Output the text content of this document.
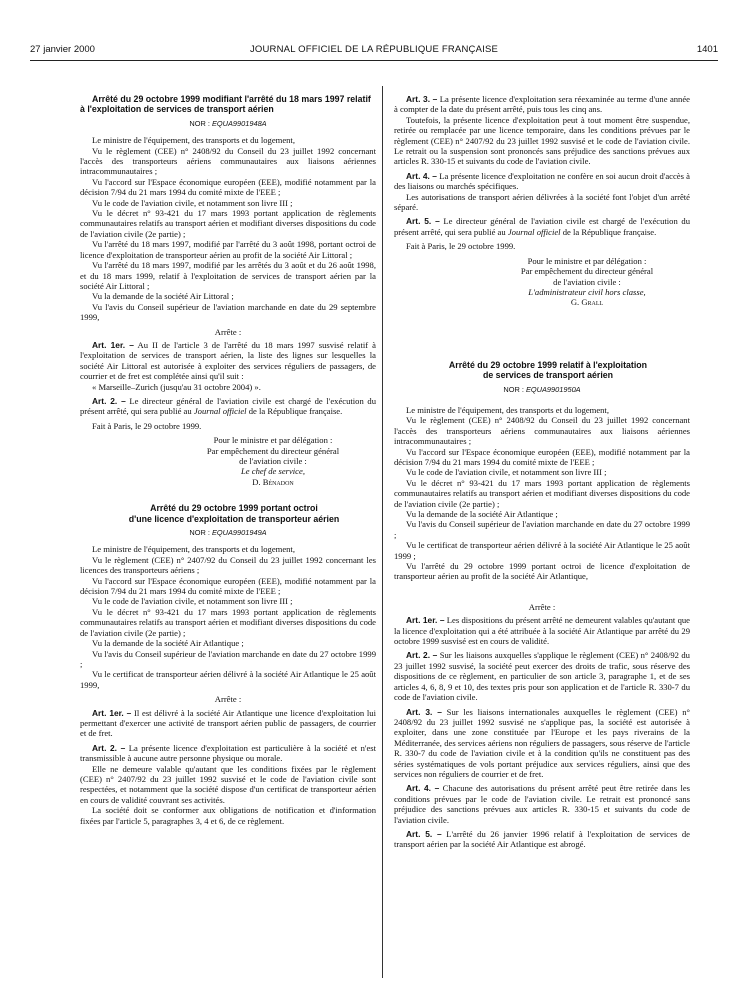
27 janvier 2000	JOURNAL OFFICIEL DE LA RÉPUBLIQUE FRANÇAISE	1401

Arrêté du 29 octobre 1999 modifiant l'arrêté du 18 mars 1997 relatif à l'exploitation de services de transport aérien

NOR : EQUA9901948A

Le ministre de l'équipement, des transports et du logement,

Vu le règlement (CEE) n° 2408/92 du Conseil du 23 juillet 1992 concernant l'accès des transporteurs aériens communautaires aux liaisons aériennes intracommunautaires ;

Vu l'accord sur l'Espace économique européen (EEE), modifié notamment par la décision 7/94 du 21 mars 1994 du comité mixte de l'EEE ;

Vu le code de l'aviation civile, et notamment son livre III ;

Vu le décret n° 93-421 du 17 mars 1993 portant application de règlements communautaires relatifs au transport aérien et modifiant diverses dispositions du code de l'aviation civile (2e partie) ;

Vu l'arrêté du 18 mars 1997, modifié par l'arrêté du 3 août 1998, portant octroi de licence d'exploitation de transporteur aérien au profit de la société Air Littoral ;

Vu l'arrêté du 18 mars 1997, modifié par les arrêtés du 3 août et du 26 août 1998, et du 18 mars 1999, relatif à l'exploitation de services de transport aérien par la société Air Littoral ;

Vu la demande de la société Air Littoral ;

Vu l'avis du Conseil supérieur de l'aviation marchande en date du 29 septembre 1999,

Arrête :

Art. 1er. – Au II de l'article 3 de l'arrêté du 18 mars 1997 susvisé relatif à l'exploitation de services de transport aérien, la liste des lignes sur lesquelles la société Air Littoral est autorisée à exploiter des services réguliers de passagers, de courrier et de fret est complétée ainsi qu'il suit :

« Marseille–Zurich (jusqu'au 31 octobre 2004) ».

Art. 2. – Le directeur général de l'aviation civile est chargé de l'exécution du présent arrêté, qui sera publié au Journal officiel de la République française.

Fait à Paris, le 29 octobre 1999.

Pour le ministre et par délégation :

Par empêchement du directeur général

de l'aviation civile :

Le chef de service,

D. Bénadon

Arrêté du 29 octobre 1999 portant octroi

d'une licence d'exploitation de transporteur aérien

NOR : EQUA9901949A

Le ministre de l'équipement, des transports et du logement,

Vu le règlement (CEE) n° 2407/92 du Conseil du 23 juillet 1992 concernant les licences des transporteurs aériens ;

Vu l'accord sur l'Espace économique européen (EEE), modifié notamment par la décision 7/94 du 21 mars 1994 du comité mixte de l'EEE ;

Vu le code de l'aviation civile, et notamment son livre III ;

Vu le décret n° 93-421 du 17 mars 1993 portant application de règlements communautaires relatifs au transport aérien et modifiant diverses dispositions du code de l'aviation civile (2e partie) ;

Vu la demande de la société Air Atlantique ;

Vu l'avis du Conseil supérieur de l'aviation marchande en date du 27 octobre 1999 ;

Vu le certificat de transporteur aérien délivré à la société Air Atlantique le 25 août 1999,

Arrête :

Art. 1er. – Il est délivré à la société Air Atlantique une licence d'exploitation lui permettant d'exercer une activité de transport aérien public de passagers, de courrier et de fret.

Art. 2. – La présente licence d'exploitation est particulière à la société et n'est transmissible à aucune autre personne physique ou morale.

Elle ne demeure valable qu'autant que les conditions fixées par le règlement (CEE) n° 2407/92 du 23 juillet 1992 susvisé et le code de l'aviation civile sont respectées, et notamment que la société dispose d'un certificat de transporteur aérien en cours de validité couvrant ses activités.

La société doit se conformer aux obligations de notification et d'information fixées par l'article 5, paragraphes 3, 4 et 6, de ce règlement.

Art. 3. – La présente licence d'exploitation sera réexaminée au terme d'une année à compter de la date du présent arrêté, puis tous les cinq ans.

Toutefois, la présente licence d'exploitation peut à tout moment être suspendue, retirée ou remplacée par une licence temporaire, dans les conditions prévues par le règlement (CEE) n° 2407/92 du 23 juillet 1992 susvisé et le code de l'aviation civile. Le retrait ou la suspension sont prononcés sans préjudice des sanctions prévues aux articles R. 330-15 et suivants du code de l'aviation civile.

Art. 4. – La présente licence d'exploitation ne confère en soi aucun droit d'accès à des liaisons ou marchés spécifiques.

Les autorisations de transport aérien délivrées à la société font l'objet d'un arrêté séparé.

Art. 5. – Le directeur général de l'aviation civile est chargé de l'exécution du présent arrêté, qui sera publié au Journal officiel de la République française.

Fait à Paris, le 29 octobre 1999.

Pour le ministre et par délégation :

Par empêchement du directeur général

de l'aviation civile :

L'administrateur civil hors classe,

G. Grall

Arrêté du 29 octobre 1999 relatif à l'exploitation

de services de transport aérien

NOR : EQUA9901950A

Le ministre de l'équipement, des transports et du logement,

Vu le règlement (CEE) n° 2408/92 du Conseil du 23 juillet 1992 concernant l'accès des transporteurs aériens communautaires aux liaisons aériennes intracommunautaires ;

Vu l'accord sur l'Espace économique européen (EEE), modifié notamment par la décision 7/94 du 21 mars 1994 du comité mixte de l'EEE ;

Vu le code de l'aviation civile, et notamment son livre III ;

Vu le décret n° 93-421 du 17 mars 1993 portant application de règlements communautaires relatifs au transport aérien et modifiant diverses dispositions du code de l'aviation civile (2e partie) ;

Vu la demande de la société Air Atlantique ;

Vu l'avis du Conseil supérieur de l'aviation marchande en date du 27 octobre 1999 ;

Vu le certificat de transporteur aérien délivré à la société Air Atlantique le 25 août 1999 ;

Vu l'arrêté du 29 octobre 1999 portant octroi de licence d'exploitation de transporteur aérien au profit de la société Air Atlantique,

Arrête :

Art. 1er. – Les dispositions du présent arrêté ne demeurent valables qu'autant que la licence d'exploitation qui a été attribuée à la société Air Atlantique par arrêté du 29 octobre 1999 susvisé est en cours de validité.

Art. 2. – Sur les liaisons auxquelles s'applique le règlement (CEE) n° 2408/92 du 23 juillet 1992 susvisé, la société peut exercer des droits de trafic, sous réserve des dispositions de ce règlement, en particulier de son article 3, paragraphe 1, et de ses articles 4, 6, 8, 9 et 10, des textes pris pour son application et de l'article R. 330-7 du code de l'aviation civile.

Art. 3. – Sur les liaisons internationales auxquelles le règlement (CEE) n° 2408/92 du 23 juillet 1992 susvisé ne s'applique pas, la société est autorisée à exploiter, dans une zone constituée par l'Europe et les pays riverains de la Méditerranée, des services aériens non réguliers de passagers, sous réserve de l'article R. 330-7 du code de l'aviation civile et à la condition qu'ils ne constituent pas des séries systématiques de vols portant préjudice aux services réguliers, ainsi que des services non réguliers de courrier et de fret.

Art. 4. – Chacune des autorisations du présent arrêté peut être retirée dans les conditions prévues par le code de l'aviation civile. Le retrait est prononcé sans préjudice des sanctions prévues aux articles R. 330-15 et suivants du code de l'aviation civile.

Art. 5. – L'arrêté du 26 janvier 1996 relatif à l'exploitation de services de transport aérien par la société Air Atlantique est abrogé.
